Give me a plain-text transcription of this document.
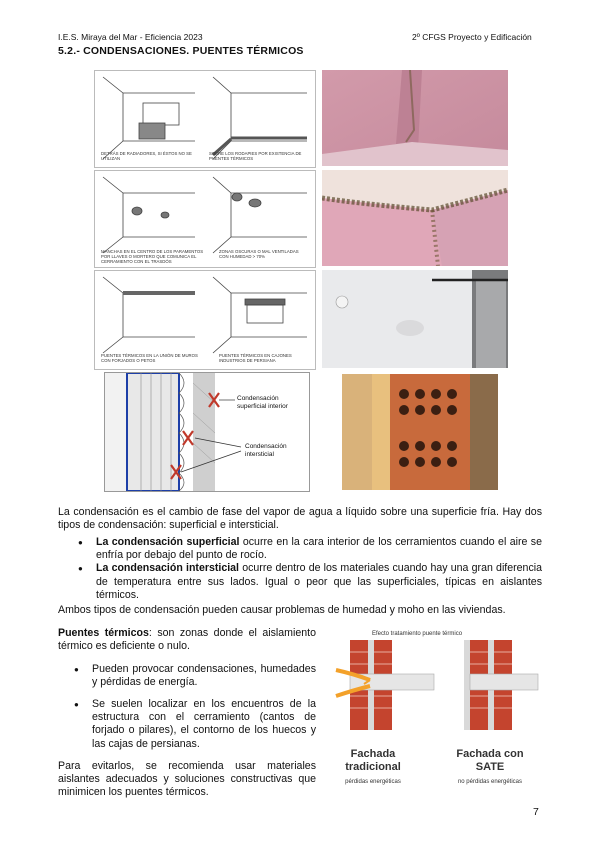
I.E.S. Miraya del Mar - Eficiencia 2023	2º CFGS Proyecto y Edificación
5.2.- CONDENSACIONES. PUENTES TÉRMICOS
DETRÁS DE RADIADORES, SI ÉSTOS NO SE UTILIZAN
SOBRE LOS RODAPIES POR EXISTENCIA DE PUENTES TÉRMICOS
MANCHAS EN EL CENTRO DE LOS PARAMENTOS POR LLAVES O MORTERO QUE COMUNICA EL CERRAMIENTO CON EL TRASDÓS
ZONAS OSCURAS O MAL VENTILADAS CON HUMEDAD > 70%
PUENTES TÉRMICOS EN LA UNIÓN DE MUROS CON FORJADOS O PETOS
PUENTES TÉRMICOS EN CAJONES INDUSTRIOS DE PERSIANA
Condensación superficial interior
Condensación intersticial
La condensación es el cambio de fase del vapor de agua a líquido sobre una superficie fría. Hay dos tipos de condensación: superficial e intersticial.
● La condensación superficial ocurre en la cara interior de los cerramientos cuando el aire se enfría por debajo del punto de rocío.
● La condensación intersticial ocurre dentro de los materiales cuando hay una gran diferencia de temperatura entre sus lados. Igual o peor que las superficiales, típicas en aislantes térmicos.
Ambos tipos de condensación pueden causar problemas de humedad y moho en las viviendas.
Puentes térmicos: son zonas donde el aislamiento térmico es deficiente o nulo.
● Pueden provocar condensaciones, humedades y pérdidas de energía.
● Se suelen localizar en los encuentros de la estructura con el cerramiento (cantos de forjado o pilares), el contorno de los huecos y las cajas de persianas.
Para evitarlos, se recomienda usar materiales aislantes adecuados y soluciones constructivas que minimicen los puentes térmicos.
Efecto tratamiento puente térmico
Fachada
tradicional
pérdidas energéticas
Fachada con
SATE
no pérdidas energéticas
7
